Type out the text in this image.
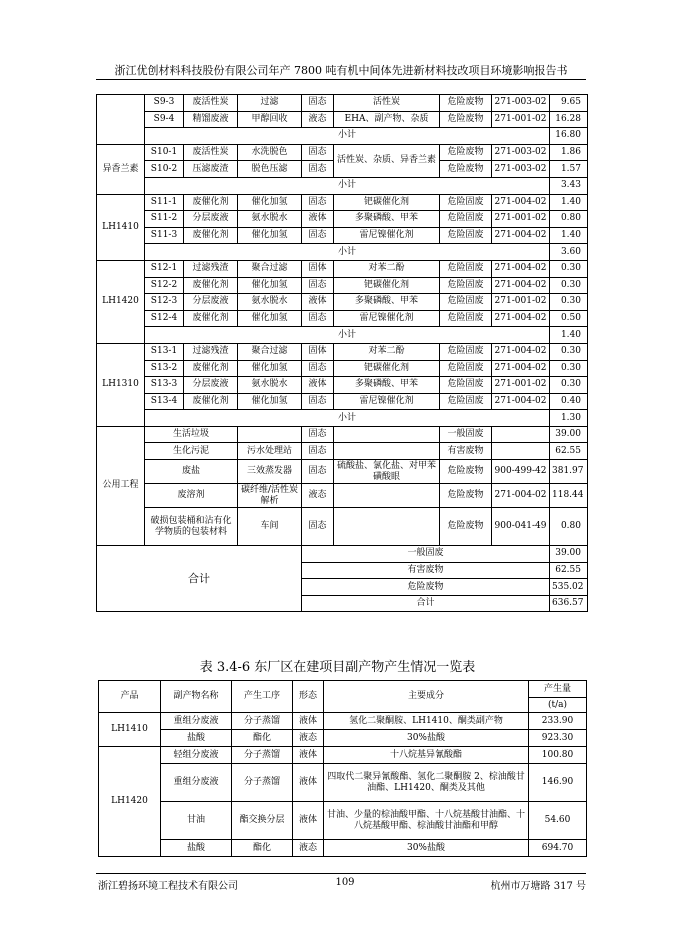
浙江优创材料科技股份有限公司年产 7800 吨有机中间体先进新材料技改项目环境影响报告书
	S9-3	废活性炭	过滤	固态	活性炭	危险废物	271-003-02	9.65
	S9-4	精馏废液	甲醇回收	液态	EHA、副产物、杂质	危险废物	271-001-02	16.28
	小计							16.80
异香兰素	S10-1	废活性炭	水洗脱色	固态	活性炭、杂质、异香兰素	危险废物	271-003-02	1.86
	S10-2	压滤废渣	脱色压滤	固态		危险废物	271-003-02	1.57
	小计							3.43
LH1410	S11-1	废催化剂	催化加氢	固态	钯碳催化剂	危险固废	271-004-02	1.40
	S11-2	分层废液	氨水脱水	液体	多聚磷酸、甲苯	危险固废	271-001-02	0.80
	S11-3	废催化剂	催化加氢	固态	雷尼镍催化剂	危险固废	271-004-02	1.40
	小计							3.60
LH1420	S12-1	过滤残渣	聚合过滤	固体	对苯二酚	危险固废	271-004-02	0.30
	S12-2	废催化剂	催化加氢	固态	钯碳催化剂	危险固废	271-004-02	0.30
	S12-3	分层废液	氨水脱水	液体	多聚磷酸、甲苯	危险固废	271-001-02	0.30
	S12-4	废催化剂	催化加氢	固态	雷尼镍催化剂	危险固废	271-004-02	0.50
	小计							1.40
LH1310	S13-1	过滤残渣	聚合过滤	固体	对苯二酚	危险固废	271-004-02	0.30
	S13-2	废催化剂	催化加氢	固态	钯碳催化剂	危险固废	271-004-02	0.30
	S13-3	分层废液	氨水脱水	液体	多聚磷酸、甲苯	危险固废	271-001-02	0.30
	S13-4	废催化剂	催化加氢	固态	雷尼镍催化剂	危险固废	271-004-02	0.40
	小计							1.30
公用工程	生活垃圾			固态		一般固废		39.00
	生化污泥		污水处理站	固态		有害废物		62.55
	废盐		三效蒸发器	固态	硫酸盐、氯化盐、对甲苯磺酸眼	危险废物	900-499-42	381.97
	废溶剂		碳纤维/活性炭解析	液态		危险废物	271-004-02	118.44
	破损包装桶和沾有化学物质的包装材料		车间	固态		危险废物	900-041-49	0.80
合计				一般固废				39.00
				有害废物				62.55
				危险废物				535.02
				合计				636.57
表 3.4-6 东厂区在建项目副产物产生情况一览表
产品	副产物名称	产生工序	形态	主要成分	产生量
					(t/a)
LH1410	重组分废液	分子蒸馏	液体	氢化二聚酮胺、LH1410、酮类副产物	233.90
	盐酸	酯化	液态	30%盐酸	923.30
LH1420	轻组分废液	分子蒸馏	液体	十八烷基异氰酸酯	100.80
	重组分废液	分子蒸馏	液体	四取代二聚异氰酸酯、氢化二聚酮胺 2、棕油酸甘油酯、LH1420、酮类及其他	146.90
	甘油	酯交换分层	液体	甘油、少量的棕油酸甲酯、十八烷基酸甘油酯、十八烷基酸甲酯、棕油酸甘油酯和甲醇	54.60
	盐酸	酯化	液态	30%盐酸	694.70
浙江碧扬环境工程技术有限公司	109	杭州市万塘路 317 号
